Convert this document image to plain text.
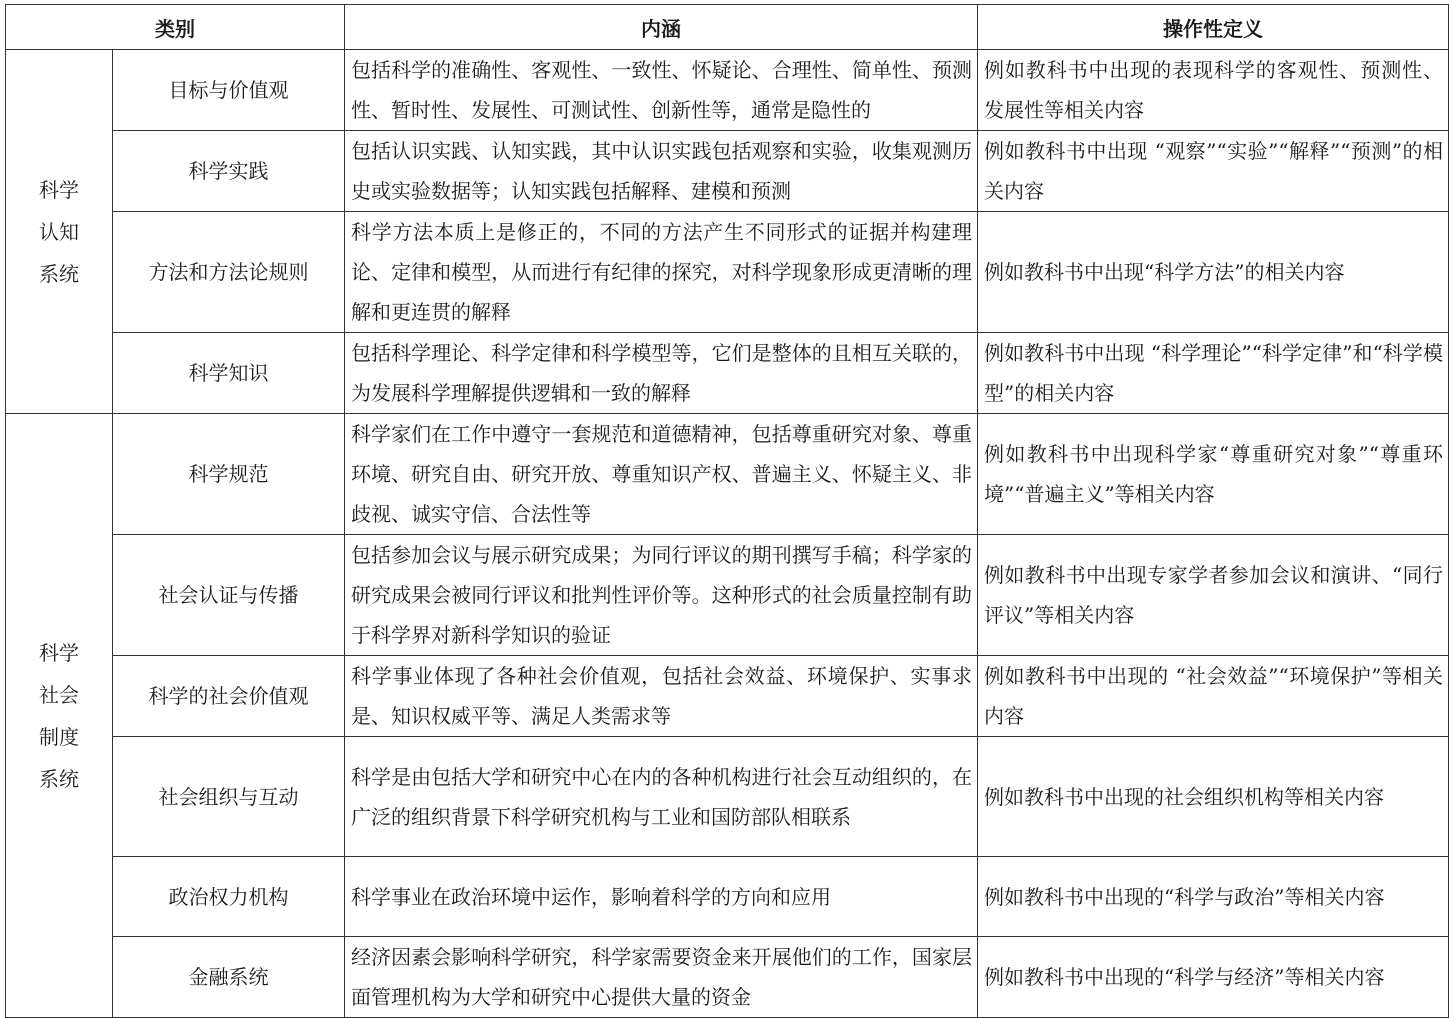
类别		内涵	操作性定义

科学
认知
系统	目标与价值观	包括科学的准确性、客观性、一致性、怀疑论、合理性、简单性、预测性、暂时性、发展性、可测试性、创新性等，通常是隐性的	例如教科书中出现的表现科学的客观性、预测性、发展性等相关内容
	科学实践	包括认识实践、认知实践，其中认识实践包括观察和实验，收集观测历史或实验数据等；认知实践包括解释、建模和预测	例如教科书中出现 “观察”“实验”“解释”“预测”的相关内容
	方法和方法论规则	科学方法本质上是修正的，不同的方法产生不同形式的证据并构建理论、定律和模型，从而进行有纪律的探究，对科学现象形成更清晰的理解和更连贯的解释	例如教科书中出现“科学方法”的相关内容
	科学知识	包括科学理论、科学定律和科学模型等，它们是整体的且相互关联的，为发展科学理解提供逻辑和一致的解释	例如教科书中出现 “科学理论”“科学定律”和“科学模型”的相关内容

科学
社会
制度
系统	科学规范	科学家们在工作中遵守一套规范和道德精神，包括尊重研究对象、尊重环境、研究自由、研究开放、尊重知识产权、普遍主义、怀疑主义、非歧视、诚实守信、合法性等	例如教科书中出现科学家“尊重研究对象”“尊重环境”“普遍主义”等相关内容
	社会认证与传播	包括参加会议与展示研究成果；为同行评议的期刊撰写手稿；科学家的研究成果会被同行评议和批判性评价等。这种形式的社会质量控制有助于科学界对新科学知识的验证	例如教科书中出现专家学者参加会议和演讲、“同行评议”等相关内容
	科学的社会价值观	科学事业体现了各种社会价值观，包括社会效益、环境保护、实事求是、知识权威平等、满足人类需求等	例如教科书中出现的 “社会效益”“环境保护”等相关内容
	社会组织与互动	科学是由包括大学和研究中心在内的各种机构进行社会互动组织的，在广泛的组织背景下科学研究机构与工业和国防部队相联系	例如教科书中出现的社会组织机构等相关内容
	政治权力机构	科学事业在政治环境中运作，影响着科学的方向和应用	例如教科书中出现的“科学与政治”等相关内容
	金融系统	经济因素会影响科学研究，科学家需要资金来开展他们的工作，国家层面管理机构为大学和研究中心提供大量的资金	例如教科书中出现的“科学与经济”等相关内容
